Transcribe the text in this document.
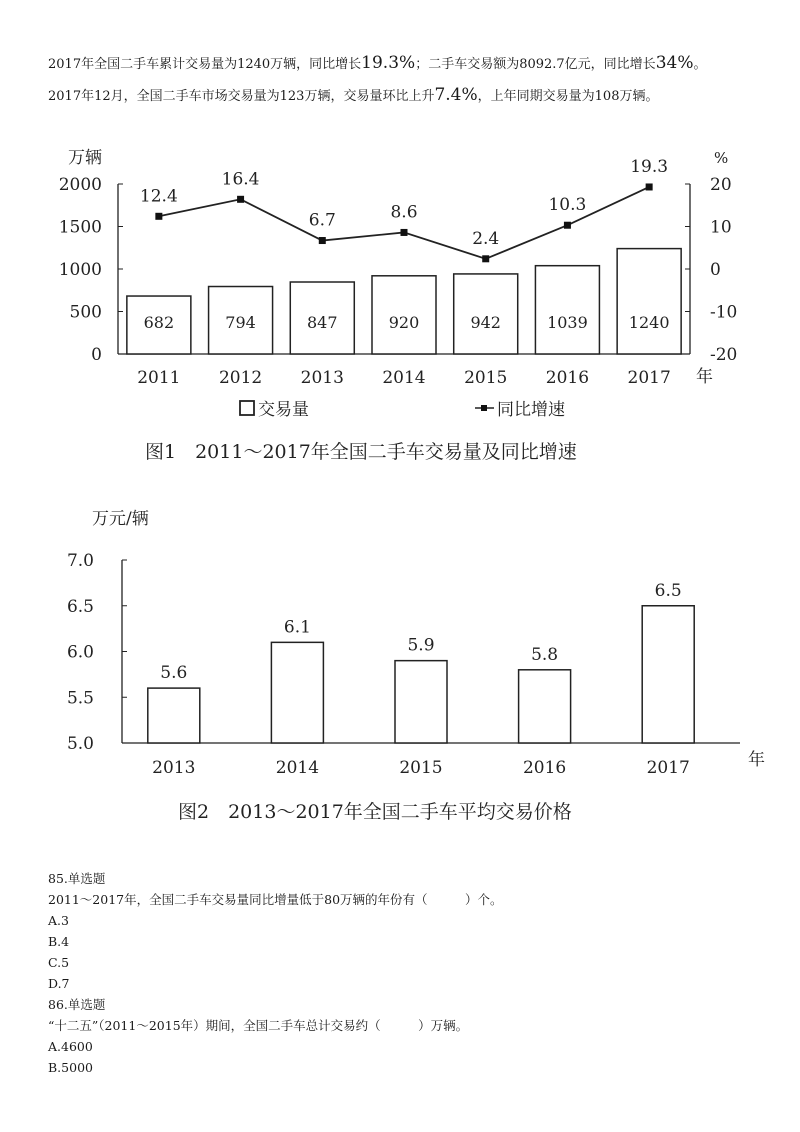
2017年全国二手车累计交易量为1240万辆，同比增长19.3%；二手车交易额为8092.7亿元，同比增长34%。
2017年12月，全国二手车市场交易量为123万辆，交易量环比上升7.4%，上年同期交易量为108万辆。
万辆	%
0
500
1000
1500
2000
-20
-10
0
10
20
682
2011
794
2012
847
2013
920
2014
942
2015
1039
2016
1240
2017 年
12.4
16.4
6.7	8.6
2.4
10.3
19.3
交易量	同比增速
图1　2011～2017年全国二手车交易量及同比增速
万元/辆
5.0
5.5
6.0
6.5
7.0
5.6
2013
6.1
2014
5.9
2015
5.8
2016
6.5
2017	年
图2　2013～2017年全国二手车平均交易价格
85.单选题
2011～2017年，全国二手车交易量同比增量低于80万辆的年份有（　　　）个。
A.3
B.4
C.5
D.7
86.单选题
“十二五”（2011～2015年）期间，全国二手车总计交易约（　　　）万辆。
A.4600
B.5000
